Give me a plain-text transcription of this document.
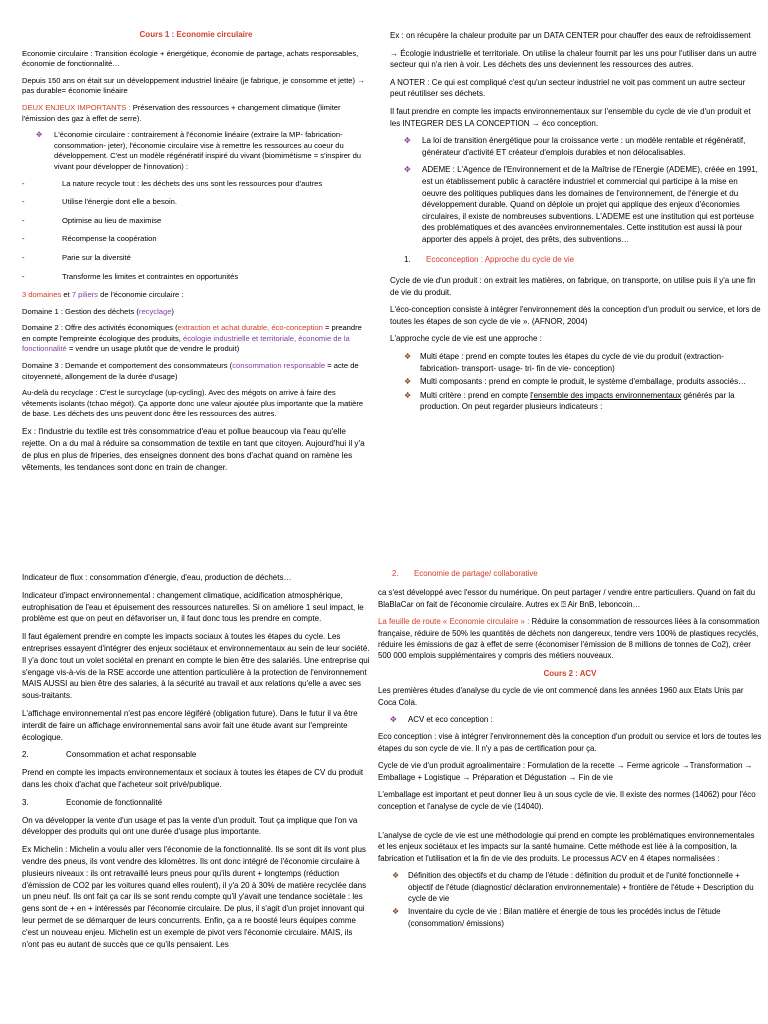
Cours 1 : Economie circulaire
Economie circulaire : Transition écologie + énergétique, économie de partage, achats responsables, économie de fonctionnalité…
Depuis 150 ans on était sur un développement industriel linéaire (je fabrique, je consomme et jette) → pas durable= économie linéaire
DEUX ENJEUX IMPORTANTS : Préservation des ressources + changement climatique (limiter l'émission des gaz à effet de serre).
✥ L'économie circulaire : contrairement à l'économie linéaire (extraire la MP- fabrication- consommation- jeter), l'économie circulaire vise à remettre les ressources au coeur du développement. C'est un modèle régénératif inspiré du vivant (biomimétisme = s'inspirer du vivant pour développer de l'innovation) :
-	La nature recycle tout : les déchets des uns sont les ressources pour d'autres
-	Utilise l'énergie dont elle a besoin.
-	Optimise au lieu de maximise
-	Récompense la coopération
-	Parie sur la diversité
-	Transforme les limites et contraintes en opportunités
3 domaines et 7 piliers de l'économie circulaire :
Domaine 1 : Gestion des déchets (recyclage)
Domaine 2 : Offre des activités économiques (extraction et achat durable, éco-conception = preandre en compte l'empreinte écologique des produits, écologie industrielle et territoriale, économie de la fonctionnalité = vendre un usage plutôt que de vendre le produit)
Domaine 3 : Demande et comportement des consommateurs (consommation responsable = acte de citoyenneté, allongement de la durée d'usage)
Au-delà du recyclage : C'est le surcyclage (up-cycling). Avec des mégots on arrive à faire des vêtements isolants (tchao mégot). Ça apporte donc une valeur ajoutée plus importante que la matière de base. Les déchets des uns peuvent donc être les ressources des autres.
Ex : l'industrie du textile est très consommatrice d'eau et pollue beaucoup via l'eau qu'elle rejette. On a du mal à réduire sa consommation de textile en tant que citoyen. Aujourd'hui il y'a de plus en plus de friperies, des enseignes donnent des bons d'achat quand on ramène les vêtements, les tendances sont donc en train de changer.
Ex : on récupère la chaleur produite par un DATA CENTER pour chauffer des eaux de refroidissement
→ Écologie industrielle et territoriale. On utilise la chaleur fournit par les uns pour l'utiliser dans un autre secteur qui n'a rien à voir. Les déchets des uns deviennent les ressources des autres.
A NOTER : Ce qui est compliqué c'est qu'un secteur industriel ne voit pas comment un autre secteur peut réutiliser ses déchets.
Il faut prendre en compte les impacts environnementaux sur l'ensemble du cycle de vie d'un produit et les INTEGRER DES LA CONCEPTION → éco conception.
✥ La loi de transition énergétique pour la croissance verte : un modèle rentable et régénératif, générateur d'activité ET créateur d'emplois durables et non délocalisables.
✥ ADEME : L'Agence de l'Environnement et de la Maîtrise de l'Energie (ADEME), créée en 1991, est un établissement public à caractère industriel et commercial qui participe à la mise en oeuvre des politiques publiques dans les domaines de l'environnement, de l'énergie et du développement durable. Quand on déploie un projet qui applique des enjeux d'économies circulaires, il existe de nombreuses subventions. L'ADEME est une institution qui est porteuse des problématiques et des avancées environnementales. Cette institution est aussi là pour apporter des appels à projet, des prêts, des subventions…
1. Ecoconception : Approche du cycle de vie
Cycle de vie d'un produit : on extrait les matières, on fabrique, on transporte, on utilise puis il y'a une fin de vie du produit.
L'éco-conception consiste à intégrer l'environnement dès la conception d'un produit ou service, et lors de toutes les étapes de son cycle de vie ». (AFNOR, 2004)
L'approche cycle de vie est une approche :
❖ Multi étape : prend en compte toutes les étapes du cycle de vie du produit (extraction- fabrication- transport- usage- tri- fin de vie- conception)
❖ Multi composants : prend en compte le produit, le système d'emballage, produits associés…
❖ Multi critère : prend en compte l'ensemble des impacts environnementaux générés par la production. On peut regarder plusieurs indicateurs :
Indicateur de flux : consommation d'énergie, d'eau, production de déchets…
Indicateur d'impact environnemental : changement climatique, acidification atmosphérique, eutrophisation de l'eau et épuisement des ressources naturelles. Si on améliore 1 seul impact, le problème est que on peut en défavoriser un, il faut donc tous les prendre en compte.
Il faut également prendre en compte les impacts sociaux à toutes les étapes du cycle. Les entreprises essayent d'intégrer des enjeux sociétaux et environnementaux au sein de leur société. Il y'a donc tout un volet sociétal en prenant en compte le bien être des salariés. Une entreprise qui s'engage vis-à-vis de la RSE accorde une attention particulière à la protection de l'environnement MAIS AUSSI au bien être des salaries, à la sécurité au travail et aux relations qu'elle a avec ses sous-traitants.
L'affichage environnemental n'est pas encore légiféré (obligation future). Dans le futur il va être interdit de faire un affichage environnemental sans avoir fait une étude avant sur l'empreinte écologique.
2.	Consommation et achat responsable
Prend en compte les impacts environnementaux et sociaux à toutes les étapes de CV du produit dans les choix d'achat que l'acheteur soit privé/publique.
3.	Economie de fonctionnalité
On va développer la vente d'un usage et pas la vente d'un produit. Tout ça implique que l'on va développer des produits qui ont une durée d'usage plus importante.
Ex Michelin : Michelin a voulu aller vers l'économie de la fonctionnalité. Ils se sont dit ils vont plus vendre des pneus, ils vont vendre des kilomètres. Ils ont donc intégré de l'économie circulaire à plusieurs niveaux : ils ont retravaillé leurs pneus pour qu'ils durent + longtemps (réduction d'émission de CO2 par les voitures quand elles roulent), il y'a 20 à 30% de matière recyclée dans un pneu neuf. Ils ont fait ça car ils se sont rendu compte qu'il y'avait une tendance sociétale : les gens sont de + en + intéressés par l'économie circulaire. De plus, il s'agit d'un projet innovant qui leur permet de se démarquer de leurs concurrents. Enfin, ça a re boosté leurs équipes comme c'est un nouveau enjeu. Michelin est un exemple de pivot vers l'économie circulaire. MAIS, ils n'ont pas eu autant de succès que ce qu'ils pensaient. Les
2. Economie de partage/ collaborative
ca s'est développé avec l'essor du numérique. On peut partager / vendre entre particuliers. Quand on fait du BlaBlaCar on fait de l'économie circulaire. Autres ex ⍰ Air BnB, leboncoin…
La feuille de route « Economie circulaire » : Réduire la consommation de ressources liées à la consommation française, réduire de 50% les quantités de déchets non dangereux, tendre vers 100% de plastiques recyclés, réduire les émissions de gaz à effet de serre (économiser l'émission de 8 millions de tonnes de Co2), créer 500 000 emplois supplémentaires y compris des métiers nouveaux.
Cours 2 : ACV
Les premières études d'analyse du cycle de vie ont commencé dans les années 1960 aux Etats Unis par Coca Cola.
✥ ACV et eco conception :
Eco conception : vise à intégrer l'environnement dès la conception d'un produit ou service et lors de toutes les étapes du son cycle de vie. Il n'y a pas de certification pour ça.
Cycle de vie d'un produit agroalimentaire : Formulation de la recette → Ferme agricole →Transformation → Emballage + Logistique → Préparation et Dégustation → Fin de vie
L'emballage est important et peut donner lieu à un sous cycle de vie. Il existe des normes (14062) pour l'éco conception et l'analyse de cycle de vie (14040).
L'analyse de cycle de vie est une méthodologie qui prend en compte les problématiques environnementales et les enjeux sociétaux et les impacts sur la santé humaine. Cette méthode est liée à la composition, la fabrication et l'utilisation et la fin de vie des produits. Le processus ACV en 4 étapes normalisées :
❖ Définition des objectifs et du champ de l'étude : définition du produit et de l'unité fonctionnelle + objectif de l'étude (diagnostic/ déclaration environnementale) + frontière de l'étude + Description du cycle de vie
❖ Inventaire du cycle de vie : Bilan matière et énergie de tous les procédés inclus de l'étude (consommation/ émissions)
